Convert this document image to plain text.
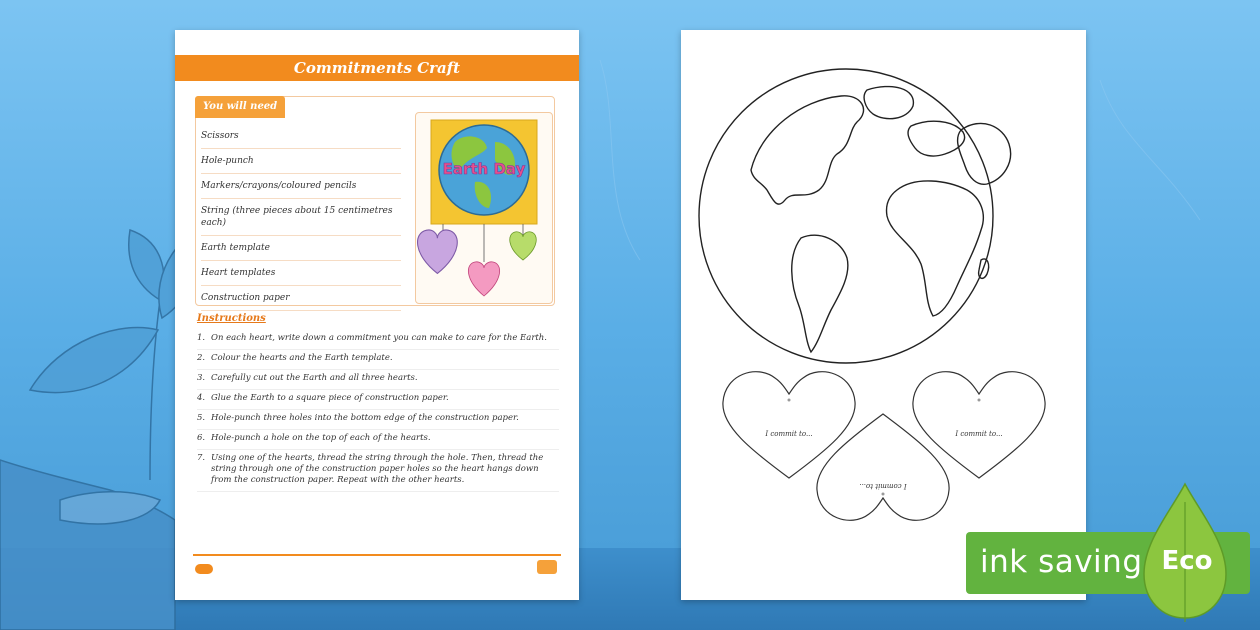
Commitments Craft
You will need
Scissors
Hole-punch
Markers/crayons/coloured pencils
String (three pieces about 15 centimetres each)
Earth template
Heart templates
Construction paper
Earth Day
Instructions
1. On each heart, write down a commitment you can make to care for the Earth.
2. Colour the hearts and the Earth template.
3. Carefully cut out the Earth and all three hearts.
4. Glue the Earth to a square piece of construction paper.
5. Hole-punch three holes into the bottom edge of the construction paper.
6. Hole-punch a hole on the top of each of the hearts.
7. Using one of the hearts, thread the string through the hole. Then, thread the string through one of the construction paper holes so the heart hangs down from the construction paper. Repeat with the other hearts.
I commit to...	I commit to...
I commit to...
ink saving Eco
